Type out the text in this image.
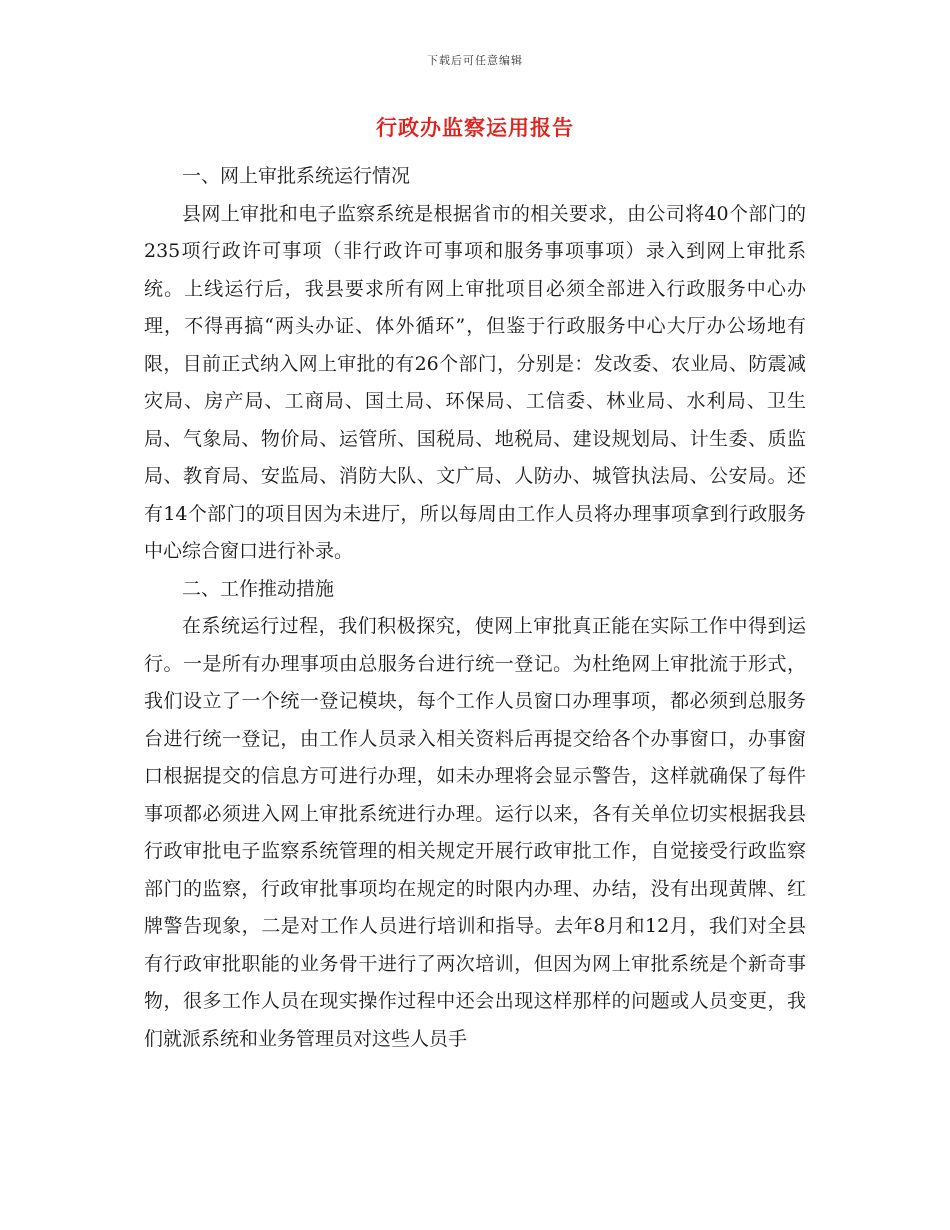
下载后可任意编辑
行政办监察运用报告

一、网上审批系统运行情况

县网上审批和电子监察系统是根据省市的相关要求，由公司将40个部门的235项行政许可事项（非行政许可事项和服务事项事项）录入到网上审批系统。上线运行后，我县要求所有网上审批项目必须全部进入行政服务中心办理，不得再搞“两头办证、体外循环”，但鉴于行政服务中心大厅办公场地有限，目前正式纳入网上审批的有26个部门，分别是：发改委、农业局、防震减灾局、房产局、工商局、国土局、环保局、工信委、林业局、水利局、卫生局、气象局、物价局、运管所、国税局、地税局、建设规划局、计生委、质监局、教育局、安监局、消防大队、文广局、人防办、城管执法局、公安局。还有14个部门的项目因为未进厅，所以每周由工作人员将办理事项拿到行政服务中心综合窗口进行补录。

二、工作推动措施

在系统运行过程，我们积极探究，使网上审批真正能在实际工作中得到运行。一是所有办理事项由总服务台进行统一登记。为杜绝网上审批流于形式，我们设立了一个统一登记模块，每个工作人员窗口办理事项，都必须到总服务台进行统一登记，由工作人员录入相关资料后再提交给各个办事窗口，办事窗口根据提交的信息方可进行办理，如未办理将会显示警告，这样就确保了每件事项都必须进入网上审批系统进行办理。运行以来，各有关单位切实根据我县行政审批电子监察系统管理的相关规定开展行政审批工作，自觉接受行政监察部门的监察，行政审批事项均在规定的时限内办理、办结，没有出现黄牌、红牌警告现象，二是对工作人员进行培训和指导。去年8月和12月，我们对全县有行政审批职能的业务骨干进行了两次培训，但因为网上审批系统是个新奇事物，很多工作人员在现实操作过程中还会出现这样那样的问题或人员变更，我们就派系统和业务管理员对这些人员手
